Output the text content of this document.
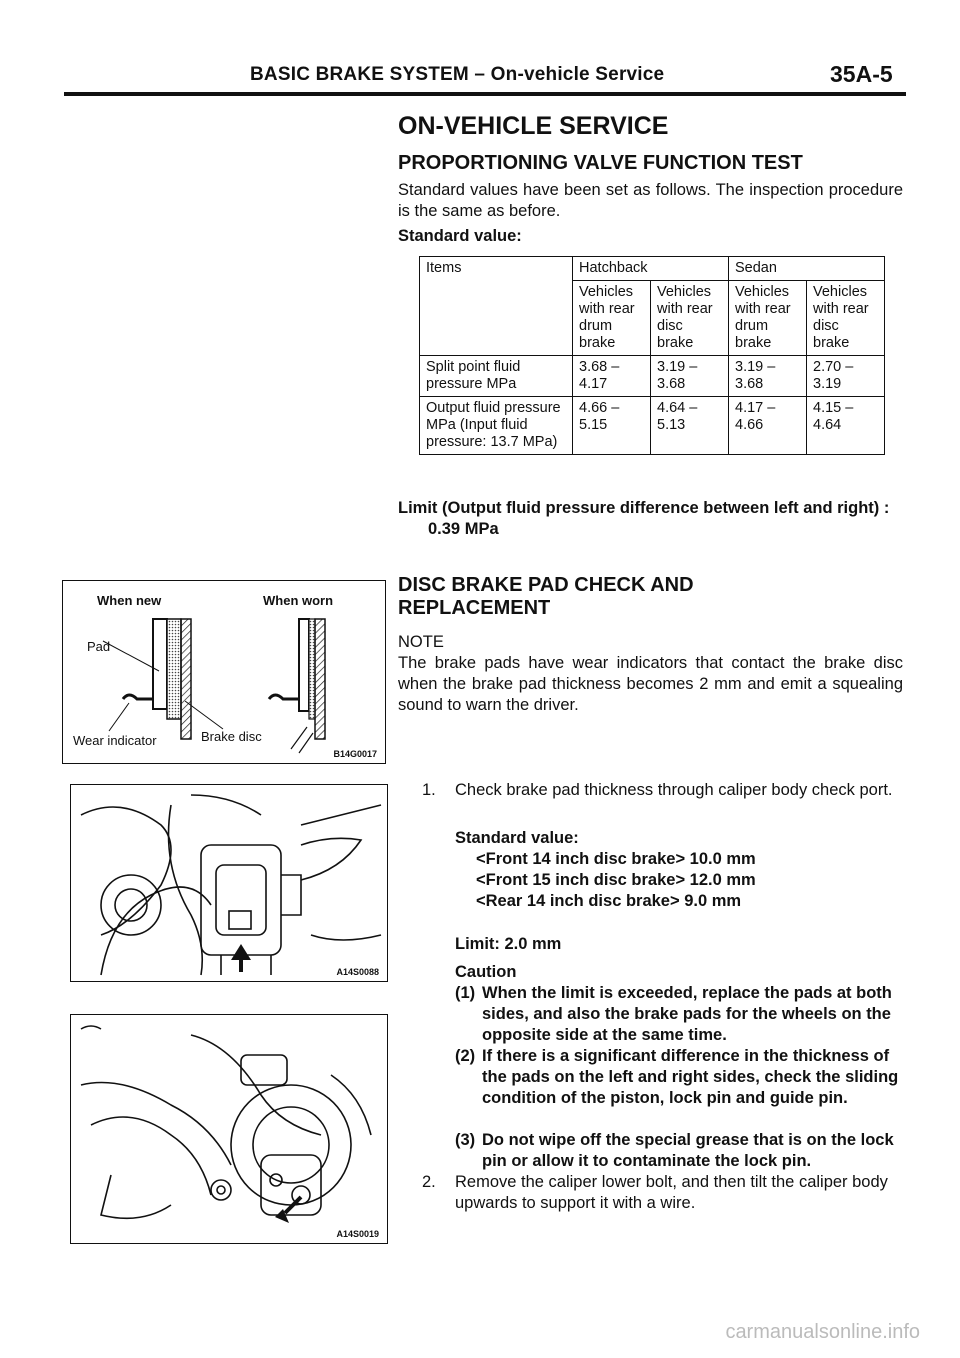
BASIC BRAKE SYSTEM – On-vehicle Service	35A-5
ON-VEHICLE SERVICE
PROPORTIONING VALVE FUNCTION TEST
Standard values have been set as follows. The inspection procedure is the same as before.
Standard value:
Items	Hatchback		Sedan	
	Vehicles with rear drum brake	Vehicles with rear disc brake	Vehicles with rear drum brake	Vehicles with rear disc brake
Split point fluid pressure MPa	3.68 – 4.17	3.19 – 3.68	3.19 – 3.68	2.70 – 3.19
Output fluid pressure MPa (Input fluid pressure: 13.7 MPa)	4.66 – 5.15	4.64 – 5.13	4.17 – 4.66	4.15 – 4.64
Limit (Output fluid pressure difference between left and right) : 0.39 MPa
DISC BRAKE PAD CHECK AND
REPLACEMENT
NOTE
The brake pads have wear indicators that contact the brake disc when the brake pad thickness becomes 2 mm and emit a squealing sound to warn the driver.
1. Check brake pad thickness through caliper body check port.
Standard value:
<Front 14 inch disc brake> 10.0 mm
<Front 15 inch disc brake> 12.0 mm
<Rear 14 inch disc brake> 9.0 mm
Limit: 2.0 mm
Caution
(1) When the limit is exceeded, replace the pads at both sides, and also the brake pads for the wheels on the opposite side at the same time.
(2) If there is a significant difference in the thickness of the pads on the left and right sides, check the sliding condition of the piston, lock pin and guide pin.
(3) Do not wipe off the special grease that is on the lock pin or allow it to contaminate the lock pin.
2. Remove the caliper lower bolt, and then tilt the caliper body upwards to support it with a wire.
When new	When worn
Pad
Wear indicator	Brake disc
B14G0017
A14S0088
A14S0019
carmanualsonline.info
